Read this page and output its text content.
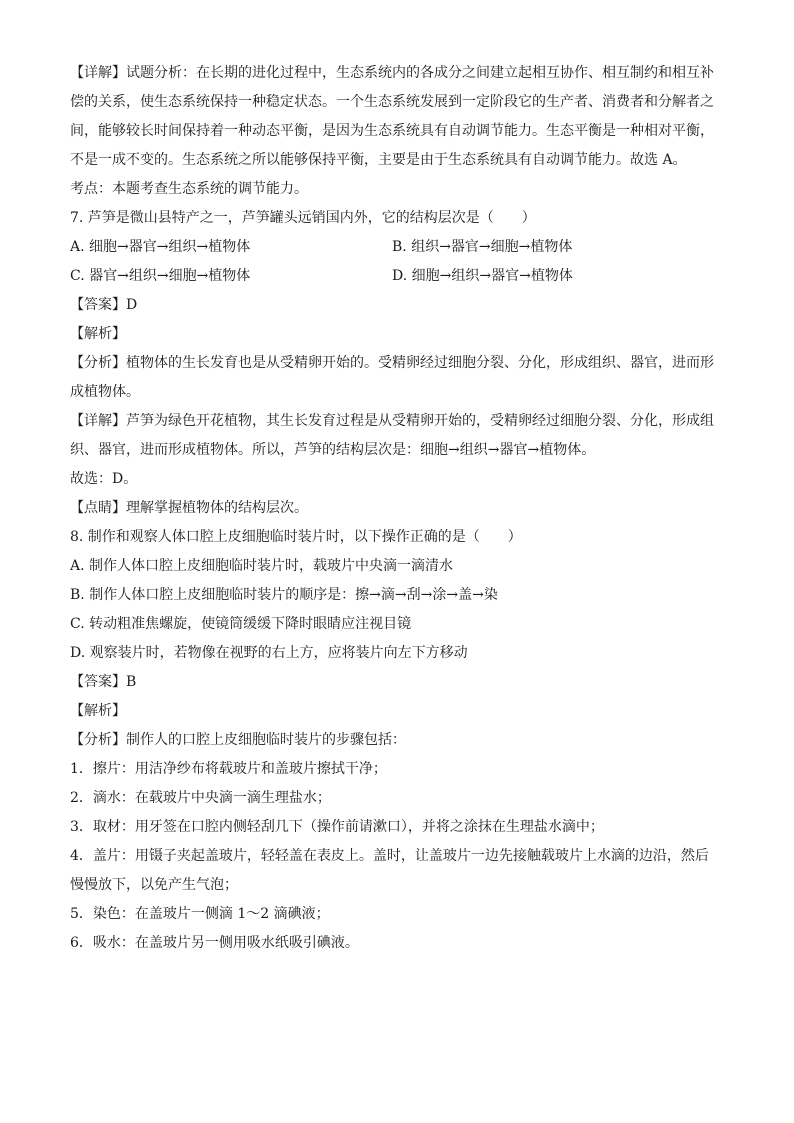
【详解】试题分析：在长期的进化过程中，生态系统内的各成分之间建立起相互协作、相互制约和相互补
偿的关系，使生态系统保持一种稳定状态。一个生态系统发展到一定阶段它的生产者、消费者和分解者之
间，能够较长时间保持着一种动态平衡，是因为生态系统具有自动调节能力。生态平衡是一种相对平衡，
不是一成不变的。生态系统之所以能够保持平衡，主要是由于生态系统具有自动调节能力。故选 A。
考点：本题考查生态系统的调节能力。
7. 芦笋是微山县特产之一，芦笋罐头远销国内外，它的结构层次是（　　）
A. 细胞→器官→组织→植物体	B. 组织→器官→细胞→植物体
C. 器官→组织→细胞→植物体	D. 细胞→组织→器官→植物体
【答案】D
【解析】
【分析】植物体的生长发育也是从受精卵开始的。受精卵经过细胞分裂、分化，形成组织、器官，进而形
成植物体。
【详解】芦笋为绿色开花植物，其生长发育过程是从受精卵开始的，受精卵经过细胞分裂、分化，形成组
织、器官，进而形成植物体。所以，芦笋的结构层次是：细胞→组织→器官→植物体。
故选：D。
【点睛】理解掌握植物体的结构层次。
8. 制作和观察人体口腔上皮细胞临时装片时，以下操作正确的是（　　）
A. 制作人体口腔上皮细胞临时装片时，载玻片中央滴一滴清水
B. 制作人体口腔上皮细胞临时装片的顺序是：擦→滴→刮→涂→盖→染
C. 转动粗准焦螺旋，使镜筒缓缓下降时眼睛应注视目镜
D. 观察装片时，若物像在视野的右上方，应将装片向左下方移动
【答案】B
【解析】
【分析】制作人的口腔上皮细胞临时装片的步骤包括：
1．擦片：用洁净纱布将载玻片和盖玻片擦拭干净；
2．滴水：在载玻片中央滴一滴生理盐水；
3．取材：用牙签在口腔内侧轻刮几下（操作前请漱口），并将之涂抹在生理盐水滴中；
4．盖片：用镊子夹起盖玻片，轻轻盖在表皮上。盖时，让盖玻片一边先接触载玻片上水滴的边沿，然后
慢慢放下，以免产生气泡；
5．染色：在盖玻片一侧滴 1～2 滴碘液；
6．吸水：在盖玻片另一侧用吸水纸吸引碘液。
